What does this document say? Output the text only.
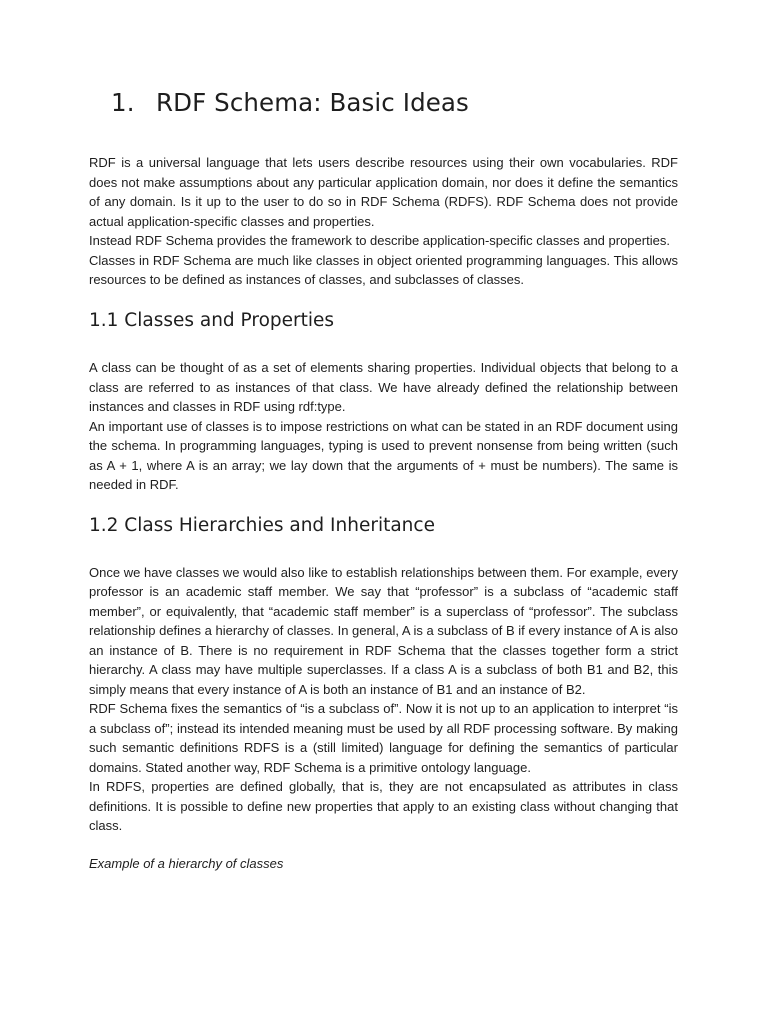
1. RDF Schema: Basic Ideas

RDF is a universal language that lets users describe resources using their own vocabularies. RDF does not make assumptions about any particular application domain, nor does it define the semantics of any domain. Is it up to the user to do so in RDF Schema (RDFS). RDF Schema does not provide actual application-specific classes and properties.

Instead RDF Schema provides the framework to describe application-specific classes and properties.

Classes in RDF Schema are much like classes in object oriented programming languages. This allows resources to be defined as instances of classes, and subclasses of classes.

1.1 Classes and Properties

A class can be thought of as a set of elements sharing properties. Individual objects that belong to a class are referred to as instances of that class. We have already defined the relationship between instances and classes in RDF using rdf:type.

An important use of classes is to impose restrictions on what can be stated in an RDF document using the schema. In programming languages, typing is used to prevent nonsense from being written (such as A + 1, where A is an array; we lay down that the arguments of + must be numbers). The same is needed in RDF.

1.2 Class Hierarchies and Inheritance

Once we have classes we would also like to establish relationships between them. For example, every professor is an academic staff member. We say that “professor” is a subclass of “academic staff member”, or equivalently, that “academic staff member” is a superclass of “professor”. The subclass relationship defines a hierarchy of classes. In general, A is a subclass of B if every instance of A is also an instance of B. There is no requirement in RDF Schema that the classes together form a strict hierarchy. A class may have multiple superclasses. If a class A is a subclass of both B1 and B2, this simply means that every instance of A is both an instance of B1 and an instance of B2.

RDF Schema fixes the semantics of “is a subclass of”. Now it is not up to an application to interpret “is a subclass of”; instead its intended meaning must be used by all RDF processing software. By making such semantic definitions RDFS is a (still limited) language for defining the semantics of particular domains. Stated another way, RDF Schema is a primitive ontology language.

In RDFS, properties are defined globally, that is, they are not encapsulated as attributes in class definitions. It is possible to define new properties that apply to an existing class without changing that class.

Example of a hierarchy of classes
